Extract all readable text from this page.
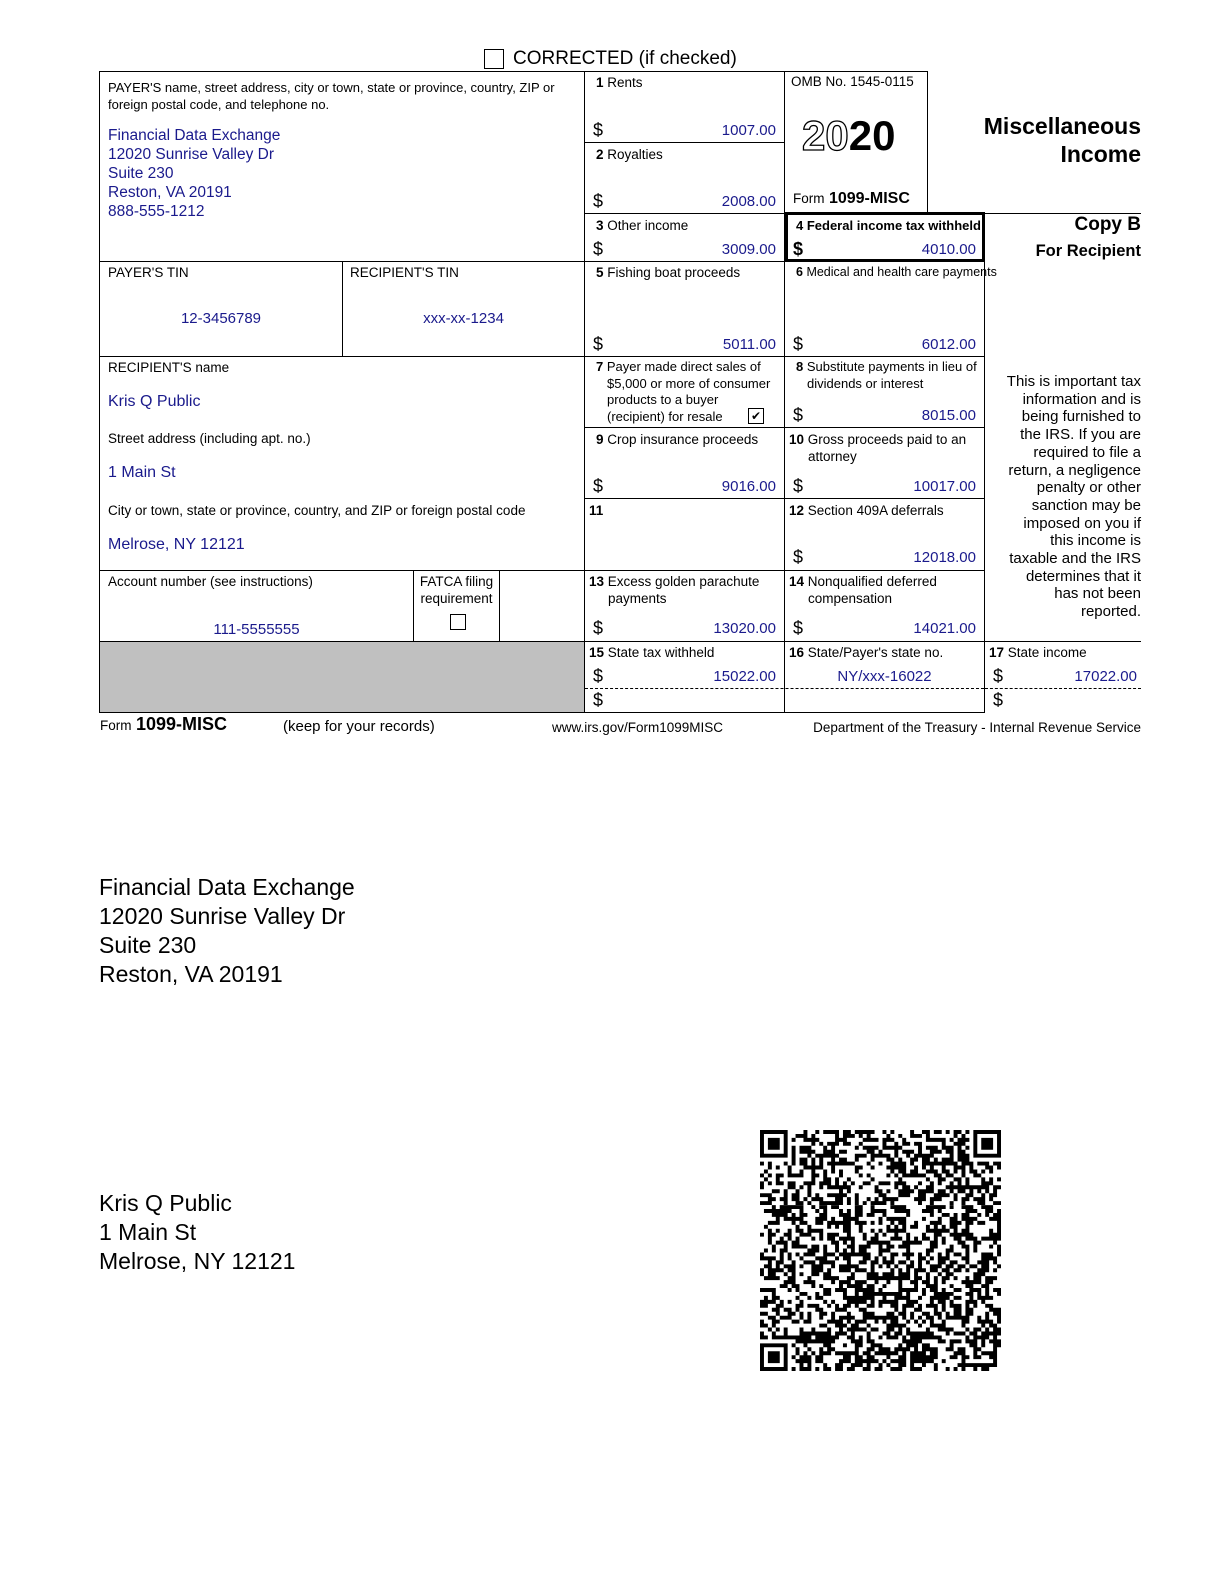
CORRECTED (if checked)
PAYER'S name, street address, city or town, state or province, country, ZIP or foreign postal code, and telephone no.
Financial Data Exchange
12020 Sunrise Valley Dr
Suite 230
Reston, VA 20191
888-555-1212
PAYER'S TIN
12-3456789
RECIPIENT'S TIN
xxx-xx-1234
RECIPIENT'S name
Kris Q Public
Street address (including apt. no.)
1 Main St
City or town, state or province, country, and ZIP or foreign postal code
Melrose, NY 12121
Account number (see instructions)
111-5555555
FATCA filing requirement
OMB No. 1545-0115
2020
Form 1099-MISC
Miscellaneous
Income
Copy B
For Recipient
1 Rents
$	1007.00
2 Royalties
$	2008.00
3 Other income
$	3009.00
4 Federal income tax withheld
$	4010.00
5 Fishing boat proceeds
$	5011.00
6 Medical and health care payments
$	6012.00
7 Payer made direct sales of
$5,000 or more of consumer
products to a buyer
(recipient) for resale	✔
8 Substitute payments in lieu of
dividends or interest
$	8015.00
9 Crop insurance proceeds
$	9016.00
10 Gross proceeds paid to an
attorney
$	10017.00
11	12 Section 409A deferrals
$	12018.00
13 Excess golden parachute
payments
$	13020.00
14 Nonqualified deferred
compensation
$	14021.00
15 State tax withheld
$	15022.00
$
16 State/Payer's state no.
NY/xxx-16022
17 State income
$	17022.00
$
This is important tax
information and is
being furnished to
the IRS. If you are
required to file a
return, a negligence
penalty or other
sanction may be
imposed on you if
this income is
taxable and the IRS
determines that it
has not been
reported.
Form 1099-MISC	(keep for your records)	www.irs.gov/Form1099MISC	Department of the Treasury - Internal Revenue Service
Financial Data Exchange
12020 Sunrise Valley Dr
Suite 230
Reston, VA 20191
Kris Q Public
1 Main St
Melrose, NY 12121
